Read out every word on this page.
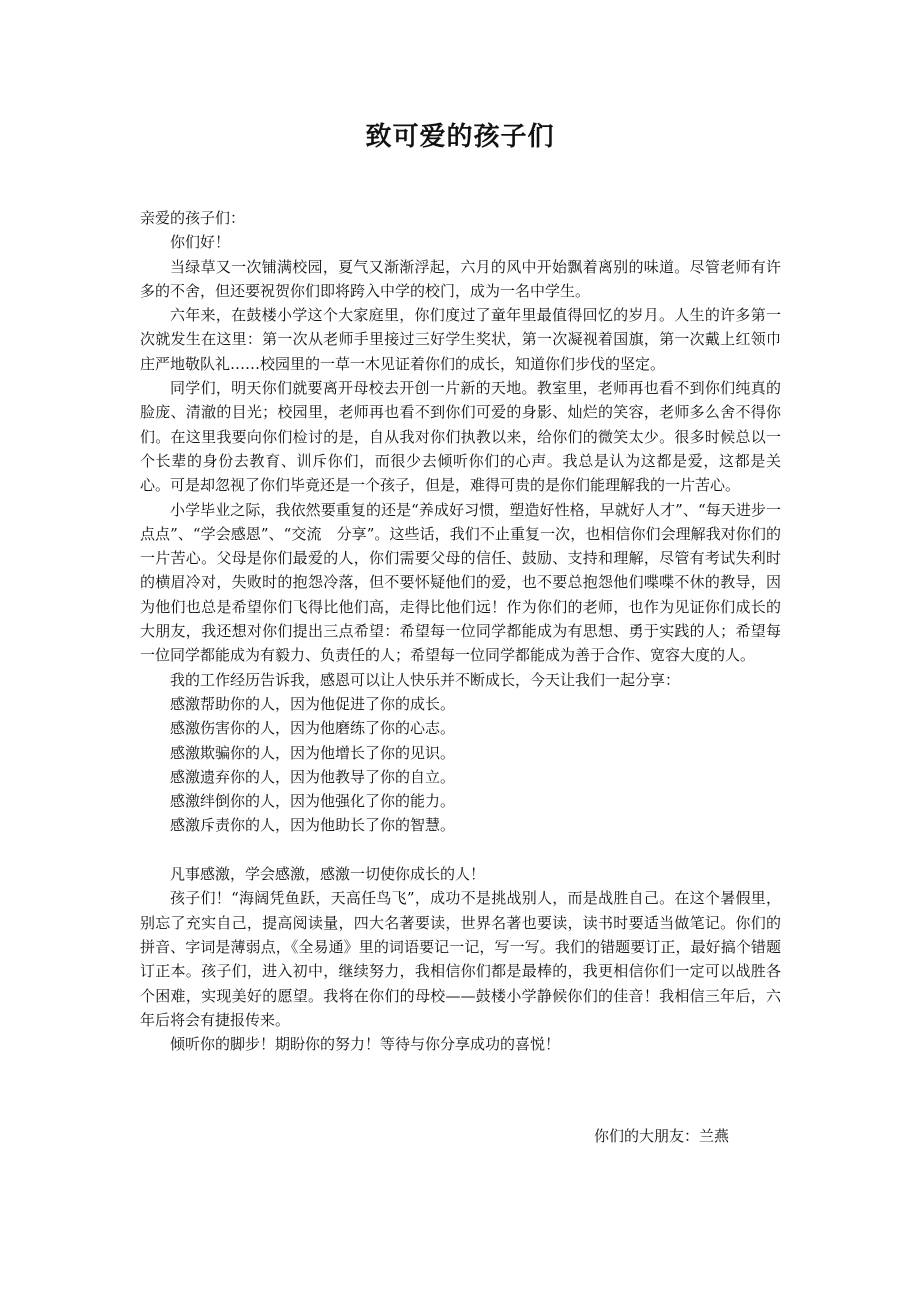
致可爱的孩子们

亲爱的孩子们：

你们好！

当绿草又一次铺满校园，夏气又渐渐浮起，六月的风中开始飘着离别的味道。尽管老师有许多的不舍，但还要祝贺你们即将跨入中学的校门，成为一名中学生。

六年来，在鼓楼小学这个大家庭里，你们度过了童年里最值得回忆的岁月。人生的许多第一次就发生在这里：第一次从老师手里接过三好学生奖状，第一次凝视着国旗，第一次戴上红领巾庄严地敬队礼……校园里的一草一木见证着你们的成长，知道你们步伐的坚定。

同学们，明天你们就要离开母校去开创一片新的天地。教室里，老师再也看不到你们纯真的脸庞、清澈的目光；校园里，老师再也看不到你们可爱的身影、灿烂的笑容，老师多么舍不得你们。在这里我要向你们检讨的是，自从我对你们执教以来，给你们的微笑太少。很多时候总以一个长辈的身份去教育、训斥你们，而很少去倾听你们的心声。我总是认为这都是爱，这都是关心。可是却忽视了你们毕竟还是一个孩子，但是，难得可贵的是你们能理解我的一片苦心。

小学毕业之际，我依然要重复的还是“养成好习惯，塑造好性格，早就好人才”、“每天进步一点点”、“学会感恩”、“交流　分享”。这些话，我们不止重复一次，也相信你们会理解我对你们的一片苦心。父母是你们最爱的人，你们需要父母的信任、鼓励、支持和理解，尽管有考试失利时的横眉冷对，失败时的抱怨冷落，但不要怀疑他们的爱，也不要总抱怨他们喋喋不休的教导，因为他们也总是希望你们飞得比他们高，走得比他们远！作为你们的老师，也作为见证你们成长的大朋友，我还想对你们提出三点希望：希望每一位同学都能成为有思想、勇于实践的人；希望每一位同学都能成为有毅力、负责任的人；希望每一位同学都能成为善于合作、宽容大度的人。

我的工作经历告诉我，感恩可以让人快乐并不断成长，今天让我们一起分享：

感激帮助你的人，因为他促进了你的成长。

感激伤害你的人，因为他磨练了你的心志。

感激欺骗你的人，因为他增长了你的见识。

感激遗弃你的人，因为他教导了你的自立。

感激绊倒你的人，因为他强化了你的能力。

感激斥责你的人，因为他助长了你的智慧。

凡事感激，学会感激，感激一切使你成长的人！

孩子们！“海阔凭鱼跃，天高任鸟飞”，成功不是挑战别人，而是战胜自己。在这个暑假里，别忘了充实自己，提高阅读量，四大名著要读，世界名著也要读，读书时要适当做笔记。你们的拼音、字词是薄弱点，《全易通》里的词语要记一记，写一写。我们的错题要订正，最好搞个错题订正本。孩子们，进入初中，继续努力，我相信你们都是最棒的，我更相信你们一定可以战胜各个困难，实现美好的愿望。我将在你们的母校——鼓楼小学静候你们的佳音！我相信三年后，六年后将会有捷报传来。

倾听你的脚步！期盼你的努力！等待与你分享成功的喜悦！

你们的大朋友：兰燕
